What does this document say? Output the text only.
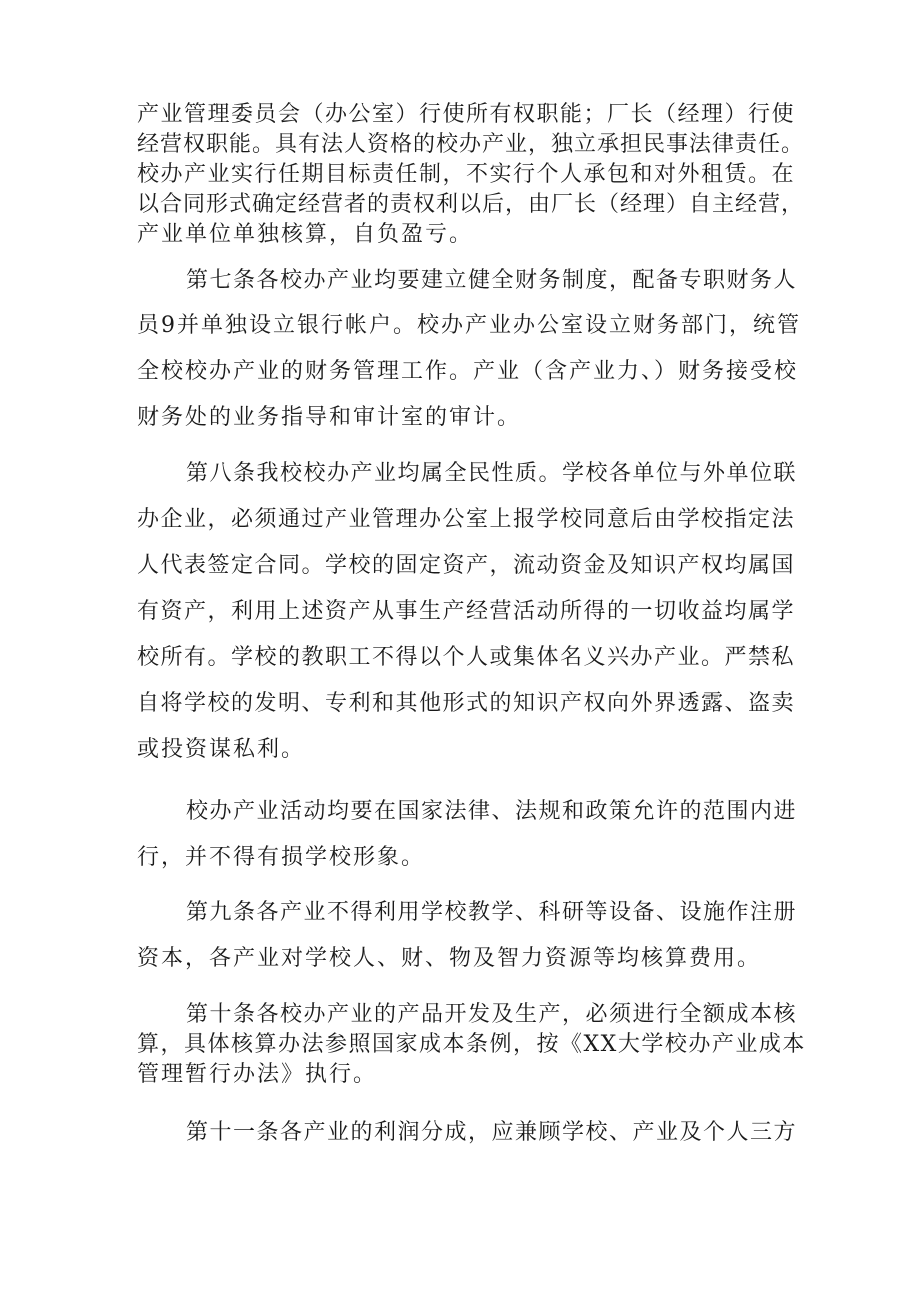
产业管理委员会（办公室）行使所有权职能；厂长（经理）行使
经营权职能。具有法人资格的校办产业，独立承担民事法律责任。
校办产业实行任期目标责任制，不实行个人承包和对外租赁。在
以合同形式确定经营者的责权利以后，由厂长（经理）自主经营，
产业单位单独核算，自负盈亏。
第七条各校办产业均要建立健全财务制度，配备专职财务人
员9并单独设立银行帐户。校办产业办公室设立财务部门，统管
全校校办产业的财务管理工作。产业（含产业力、）财务接受校
财务处的业务指导和审计室的审计。
第八条我校校办产业均属全民性质。学校各单位与外单位联
办企业，必须通过产业管理办公室上报学校同意后由学校指定法
人代表签定合同。学校的固定资产，流动资金及知识产权均属国
有资产，利用上述资产从事生产经营活动所得的一切收益均属学
校所有。学校的教职工不得以个人或集体名义兴办产业。严禁私
自将学校的发明、专利和其他形式的知识产权向外界透露、盗卖
或投资谋私利。
校办产业活动均要在国家法律、法规和政策允许的范围内进
行，并不得有损学校形象。
第九条各产业不得利用学校教学、科研等设备、设施作注册
资本，各产业对学校人、财、物及智力资源等均核算费用。
第十条各校办产业的产品开发及生产，必须进行全额成本核
算，具体核算办法参照国家成本条例，按《XX大学校办产业成本
管理暂行办法》执行。
第十一条各产业的利润分成，应兼顾学校、产业及个人三方
